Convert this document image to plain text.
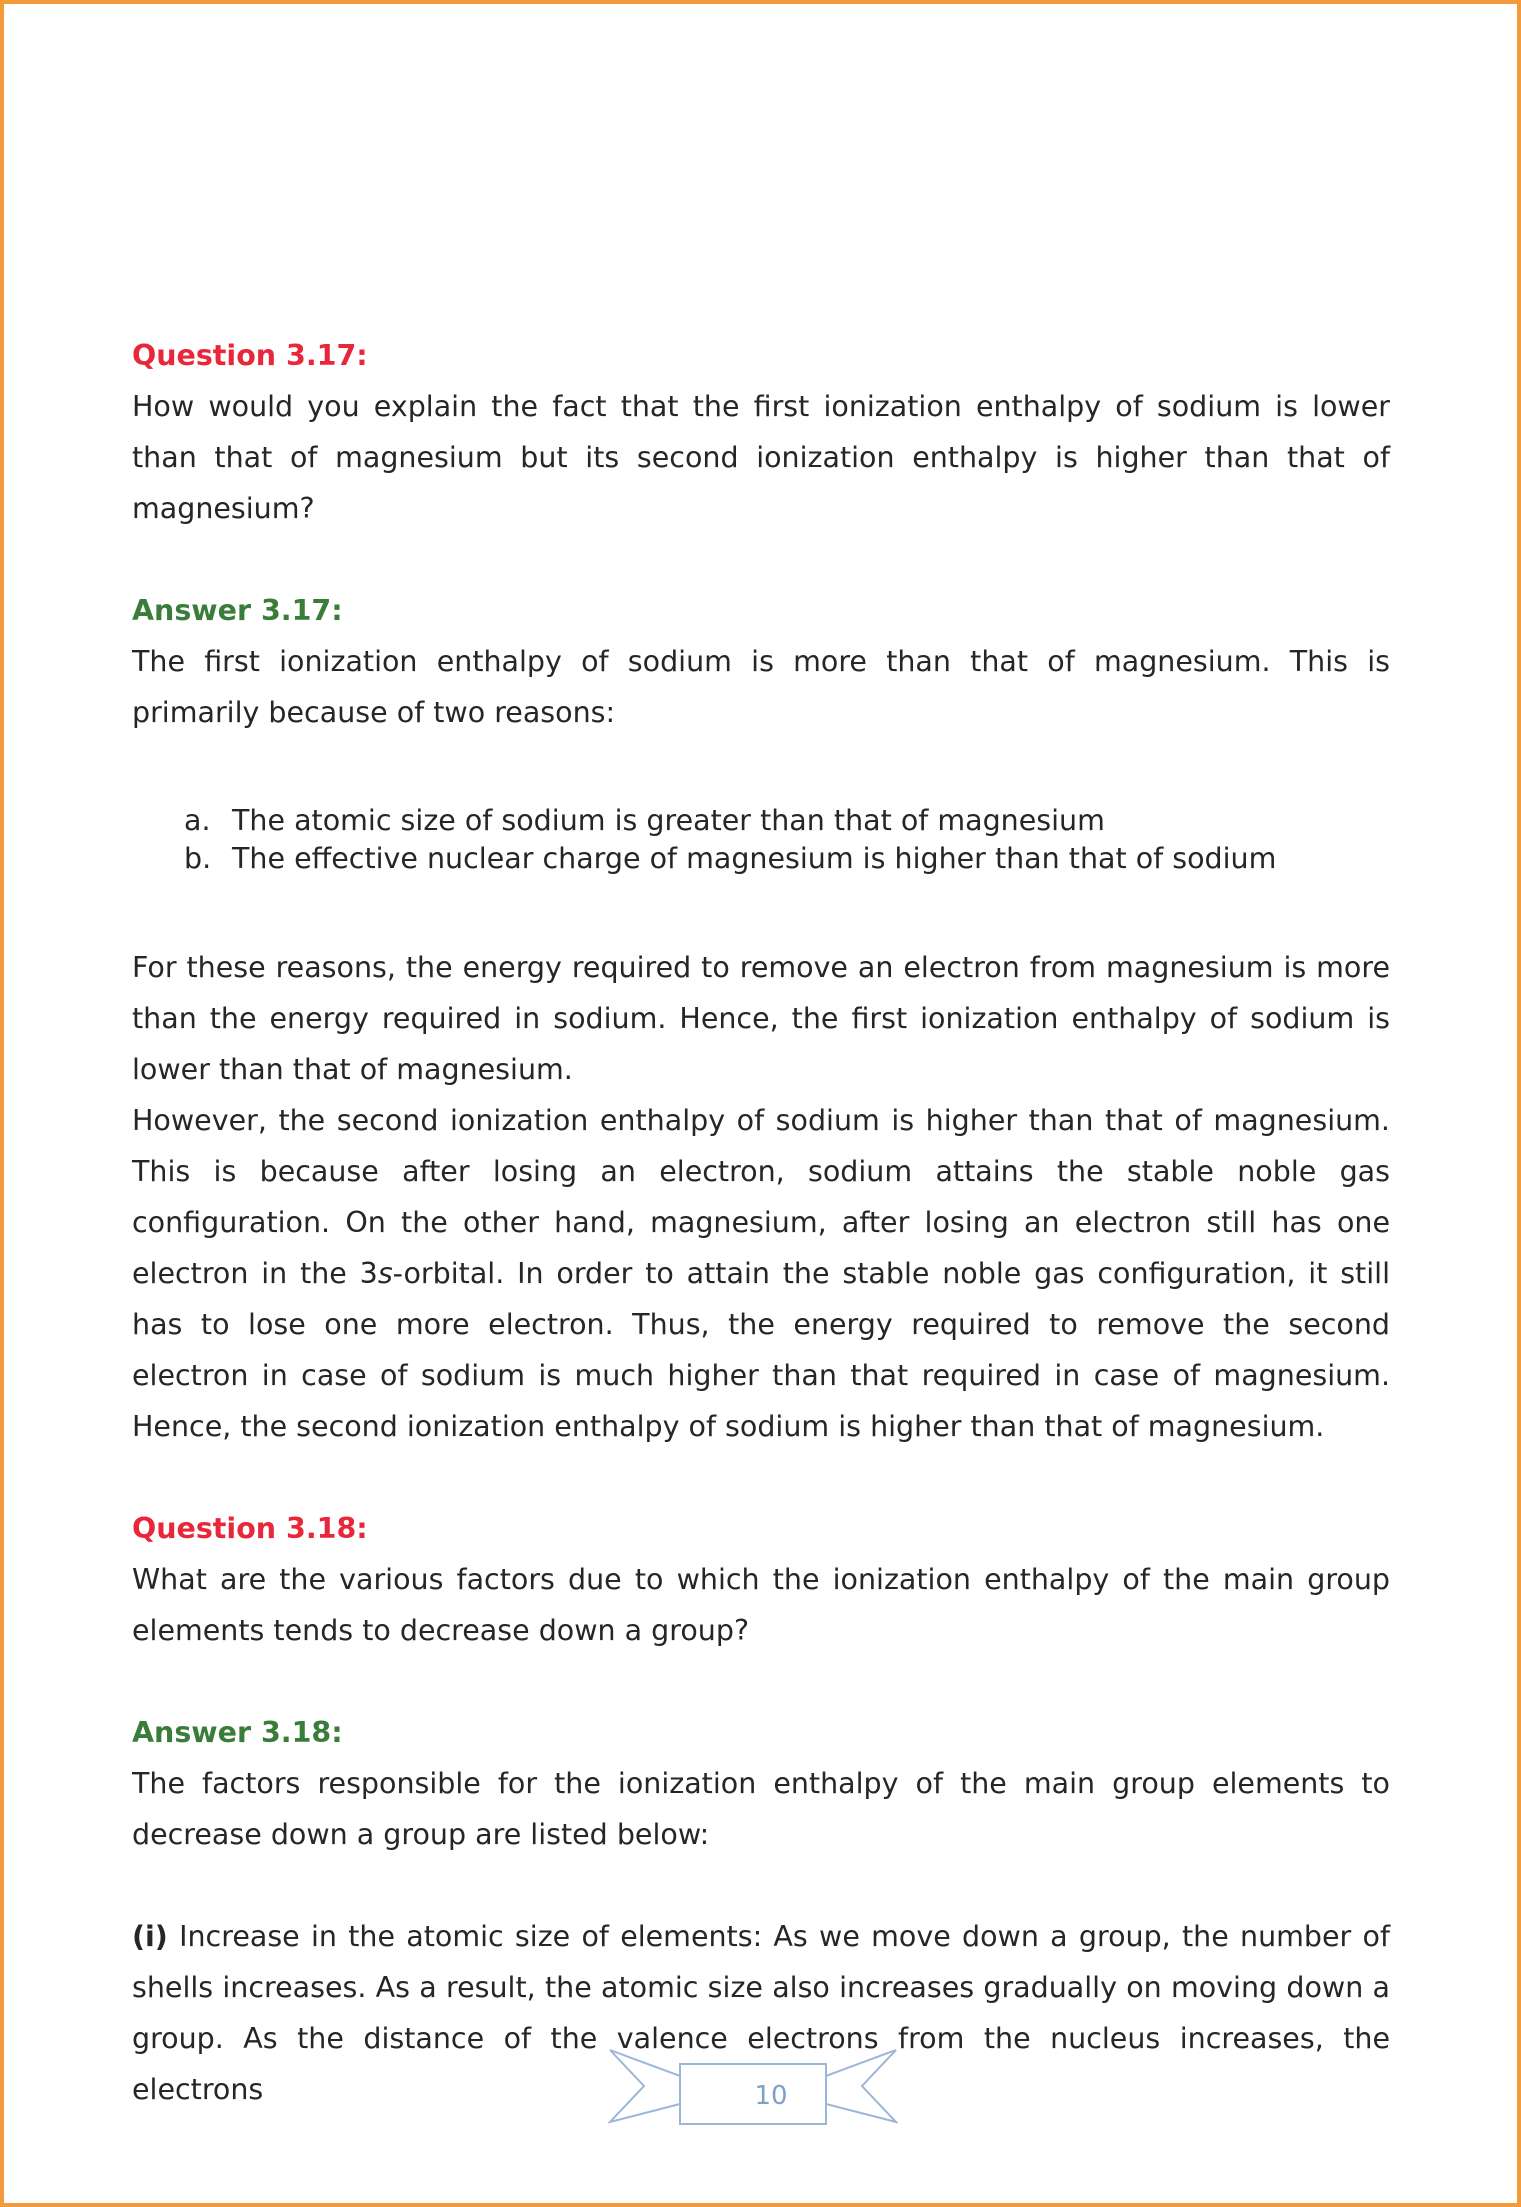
Question 3.17:

How would you explain the fact that the first ionization enthalpy of sodium is lower than that of magnesium but its second ionization enthalpy is higher than that of magnesium?

Answer 3.17:

The first ionization enthalpy of sodium is more than that of magnesium. This is primarily because of two reasons:

a. The atomic size of sodium is greater than that of magnesium
b. The effective nuclear charge of magnesium is higher than that of sodium

For these reasons, the energy required to remove an electron from magnesium is more than the energy required in sodium. Hence, the first ionization enthalpy of sodium is lower than that of magnesium.

However, the second ionization enthalpy of sodium is higher than that of magnesium. This is because after losing an electron, sodium attains the stable noble gas configuration. On the other hand, magnesium, after losing an electron still has one electron in the 3s-orbital. In order to attain the stable noble gas configuration, it still has to lose one more electron. Thus, the energy required to remove the second electron in case of sodium is much higher than that required in case of magnesium. Hence, the second ionization enthalpy of sodium is higher than that of magnesium.

Question 3.18:

What are the various factors due to which the ionization enthalpy of the main group elements tends to decrease down a group?

Answer 3.18:

The factors responsible for the ionization enthalpy of the main group elements to decrease down a group are listed below:

(i) Increase in the atomic size of elements: As we move down a group, the number of shells increases. As a result, the atomic size also increases gradually on moving down a group. As the distance of the valence electrons from the nucleus increases, the electrons	10
